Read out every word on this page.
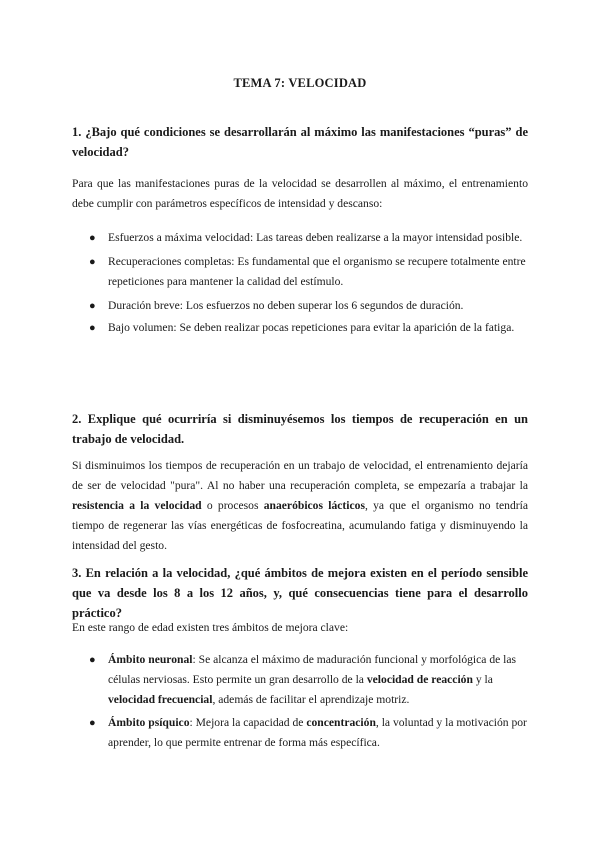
TEMA 7: VELOCIDAD
1. ¿Bajo qué condiciones se desarrollarán al máximo las manifestaciones “puras” de velocidad?
Para que las manifestaciones puras de la velocidad se desarrollen al máximo, el entrenamiento debe cumplir con parámetros específicos de intensidad y descanso:
● Esfuerzos a máxima velocidad: Las tareas deben realizarse a la mayor intensidad posible.
● Recuperaciones completas: Es fundamental que el organismo se recupere totalmente entre repeticiones para mantener la calidad del estímulo.
● Duración breve: Los esfuerzos no deben superar los 6 segundos de duración.
● Bajo volumen: Se deben realizar pocas repeticiones para evitar la aparición de la fatiga.
2. Explique qué ocurriría si disminuyésemos los tiempos de recuperación en un trabajo de velocidad.
Si disminuimos los tiempos de recuperación en un trabajo de velocidad, el entrenamiento dejaría de ser de velocidad "pura". Al no haber una recuperación completa, se empezaría a trabajar la resistencia a la velocidad o procesos anaeróbicos lácticos, ya que el organismo no tendría tiempo de regenerar las vías energéticas de fosfocreatina, acumulando fatiga y disminuyendo la intensidad del gesto.
3. En relación a la velocidad, ¿qué ámbitos de mejora existen en el período sensible que va desde los 8 a los 12 años, y, qué consecuencias tiene para el desarrollo práctico?
En este rango de edad existen tres ámbitos de mejora clave:
● Ámbito neuronal: Se alcanza el máximo de maduración funcional y morfológica de las células nerviosas. Esto permite un gran desarrollo de la velocidad de reacción y la velocidad frecuencial, además de facilitar el aprendizaje motriz.
● Ámbito psíquico: Mejora la capacidad de concentración, la voluntad y la motivación por aprender, lo que permite entrenar de forma más específica.
